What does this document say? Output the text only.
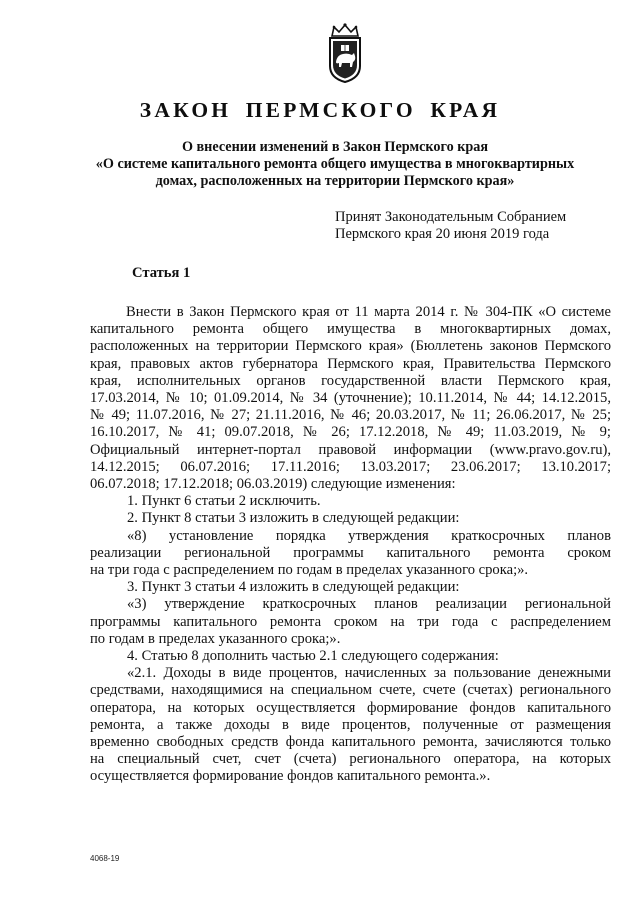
ЗАКОН ПЕРМСКОГО КРАЯ
О внесении изменений в Закон Пермского края
«О системе капитального ремонта общего имущества в многоквартирных
домах, расположенных на территории Пермского края»
Принят Законодательным Собранием
Пермского края 20 июня 2019 года
Статья 1
Внести в Закон Пермского края от 11 марта 2014 г. № 304-ПК «О системе
капитального ремонта общего имущества в многоквартирных домах,
расположенных на территории Пермского края» (Бюллетень законов Пермского
края, правовых актов губернатора Пермского края, Правительства Пермского
края, исполнительных органов государственной власти Пермского края,
17.03.2014, № 10; 01.09.2014, № 34 (уточнение); 10.11.2014, № 44; 14.12.2015,
№ 49; 11.07.2016, № 27; 21.11.2016, № 46; 20.03.2017, № 11; 26.06.2017, № 25;
16.10.2017, № 41; 09.07.2018, № 26; 17.12.2018, № 49; 11.03.2019, № 9;
Официальный интернет-портал правовой информации (www.pravo.gov.ru),
14.12.2015; 06.07.2016; 17.11.2016; 13.03.2017; 23.06.2017; 13.10.2017;
06.07.2018; 17.12.2018; 06.03.2019) следующие изменения:
1. Пункт 6 статьи 2 исключить.
2. Пункт 8 статьи 3 изложить в следующей редакции:
«8) установление порядка утверждения краткосрочных планов
реализации региональной программы капитального ремонта сроком
на три года с распределением по годам в пределах указанного срока;».
3. Пункт 3 статьи 4 изложить в следующей редакции:
«3) утверждение краткосрочных планов реализации региональной
программы капитального ремонта сроком на три года с распределением
по годам в пределах указанного срока;».
4. Статью 8 дополнить частью 2.1 следующего содержания:
«2.1. Доходы в виде процентов, начисленных за пользование денежными
средствами, находящимися на специальном счете, счете (счетах) регионального
оператора, на которых осуществляется формирование фондов капитального
ремонта, а также доходы в виде процентов, полученные от размещения
временно свободных средств фонда капитального ремонта, зачисляются только
на специальный счет, счет (счета) регионального оператора, на которых
осуществляется формирование фондов капитального ремонта.».
4068-19
